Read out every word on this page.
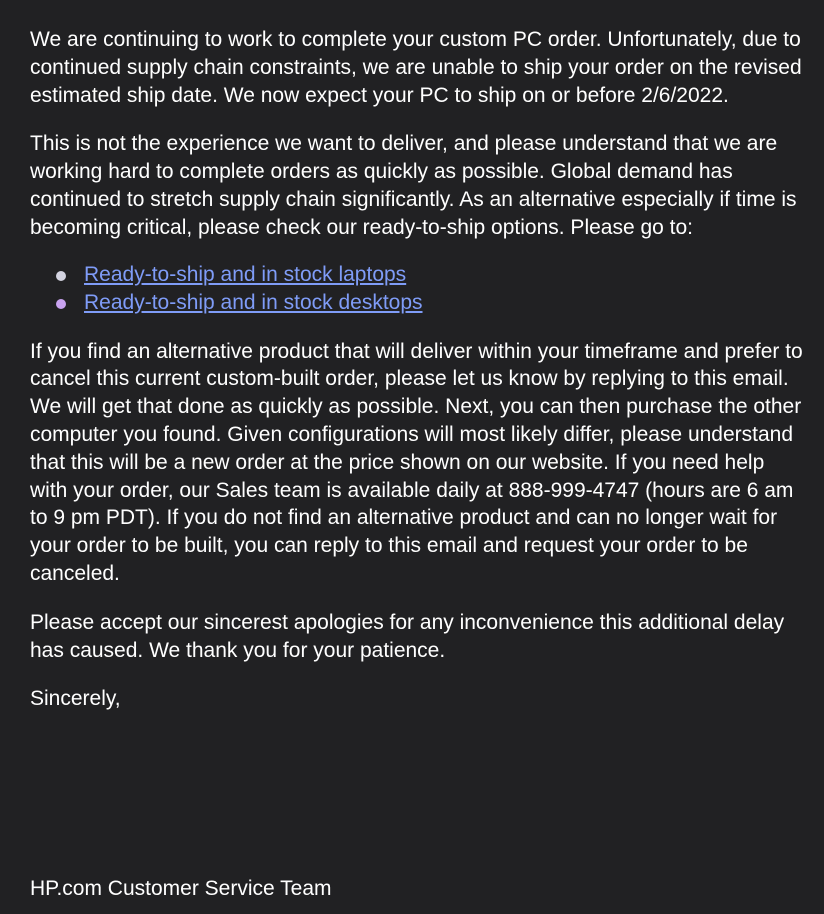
We are continuing to work to complete your custom PC order. Unfortunately, due to continued supply chain constraints, we are unable to ship your order on the revised estimated ship date. We now expect your PC to ship on or before 2/6/2022.

This is not the experience we want to deliver, and please understand that we are working hard to complete orders as quickly as possible. Global demand has continued to stretch supply chain significantly. As an alternative especially if time is becoming critical, please check our ready-to-ship options. Please go to:

Ready-to-ship and in stock laptops
Ready-to-ship and in stock desktops

If you find an alternative product that will deliver within your timeframe and prefer to cancel this current custom-built order, please let us know by replying to this email. We will get that done as quickly as possible. Next, you can then purchase the other computer you found. Given configurations will most likely differ, please understand that this will be a new order at the price shown on our website. If you need help with your order, our Sales team is available daily at 888-999-4747 (hours are 6 am to 9 pm PDT). If you do not find an alternative product and can no longer wait for your order to be built, you can reply to this email and request your order to be canceled.

Please accept our sincerest apologies for any inconvenience this additional delay has caused. We thank you for your patience.

Sincerely,

HP.com Customer Service Team
